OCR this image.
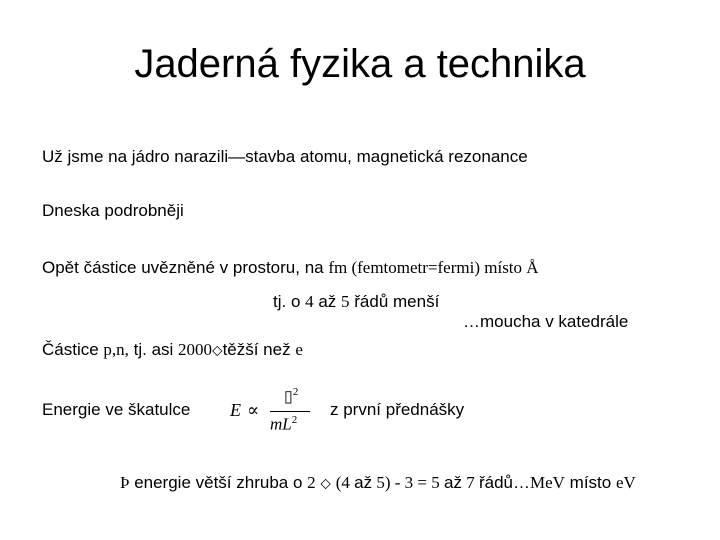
Jaderná fyzika a technika
Už jsme na jádro narazili—stavba atomu, magnetická rezonance
Dneska podrobněji
Opět částice uvězněné v prostoru, na fm (femtometr=fermi) místo Å
tj. o 4 až 5 řádů menší
…moucha v katedrále
Částice p,n, tj. asi 2000⬦těžší než e
Energie ve škatulce E ∝
▯$^2$
$mL^2$
z první přednášky
Þ energie větší zhruba o 2 ⬦ (4 až 5) - 3 = 5 až 7 řádů…MeV místo eV
